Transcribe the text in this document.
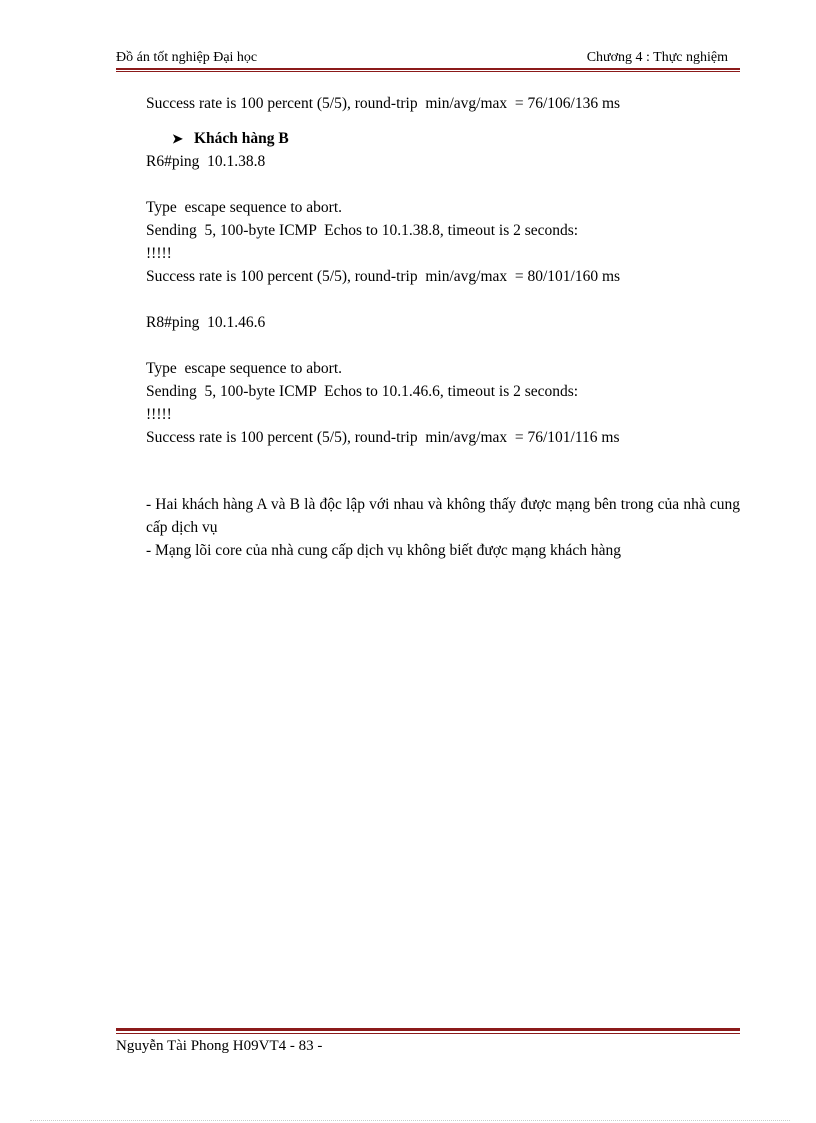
Đồ án tốt nghiệp Đại học	Chương 4 : Thực nghiệm
Success rate is 100 percent (5/5), round-trip  min/avg/max  = 76/106/136 ms
➤ Khách hàng B
R6#ping  10.1.38.8
Type  escape sequence to abort.
Sending  5, 100-byte ICMP  Echos to 10.1.38.8, timeout is 2 seconds:
!!!!!
Success rate is 100 percent (5/5), round-trip  min/avg/max  = 80/101/160 ms
R8#ping  10.1.46.6
Type  escape sequence to abort.
Sending  5, 100-byte ICMP  Echos to 10.1.46.6, timeout is 2 seconds:
!!!!!
Success rate is 100 percent (5/5), round-trip  min/avg/max  = 76/101/116 ms
- Hai khách hàng A và B là độc lập với nhau và không thấy được mạng bên trong của nhà cung cấp dịch vụ
- Mạng lõi core của nhà cung cấp dịch vụ không biết được mạng khách hàng
Nguyễn Tài Phong H09VT4 - 83 -
